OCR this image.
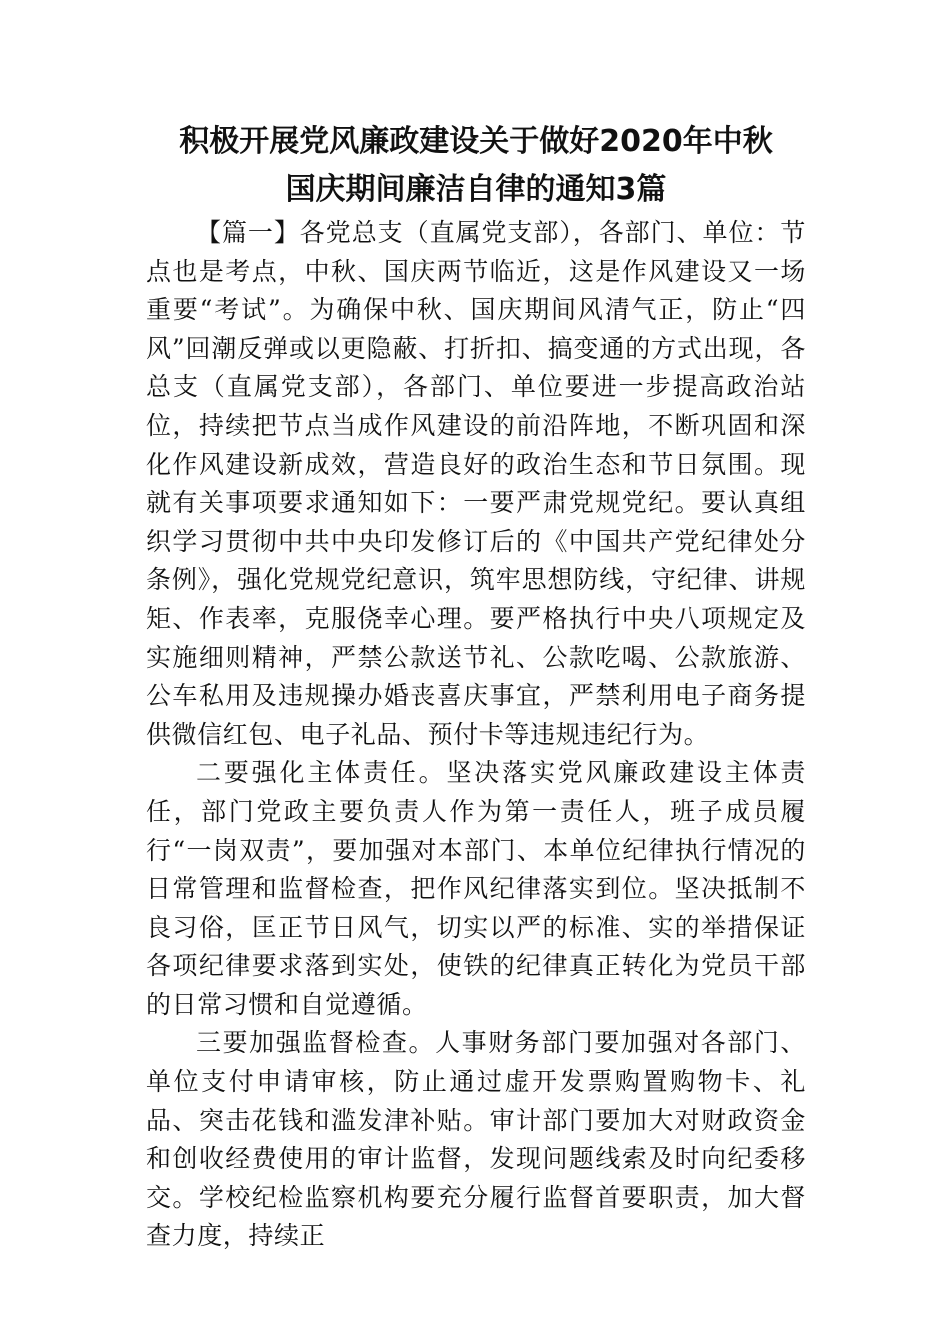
积极开展党风廉政建设关于做好2020年中秋
国庆期间廉洁自律的通知3篇

【篇一】各党总支（直属党支部），各部门、单位：节点也是考点，中秋、国庆两节临近，这是作风建设又一场重要“考试”。为确保中秋、国庆期间风清气正，防止“四风”回潮反弹或以更隐蔽、打折扣、搞变通的方式出现，各总支（直属党支部），各部门、单位要进一步提高政治站位，持续把节点当成作风建设的前沿阵地，不断巩固和深化作风建设新成效，营造良好的政治生态和节日氛围。现就有关事项要求通知如下：一要严肃党规党纪。要认真组织学习贯彻中共中央印发修订后的《中国共产党纪律处分条例》，强化党规党纪意识，筑牢思想防线，守纪律、讲规矩、作表率，克服侥幸心理。要严格执行中央八项规定及实施细则精神，严禁公款送节礼、公款吃喝、公款旅游、公车私用及违规操办婚丧喜庆事宜，严禁利用电子商务提供微信红包、电子礼品、预付卡等违规违纪行为。

二要强化主体责任。坚决落实党风廉政建设主体责任，部门党政主要负责人作为第一责任人，班子成员履行“一岗双责”，要加强对本部门、本单位纪律执行情况的日常管理和监督检查，把作风纪律落实到位。坚决抵制不良习俗，匡正节日风气，切实以严的标准、实的举措保证各项纪律要求落到实处，使铁的纪律真正转化为党员干部的日常习惯和自觉遵循。

三要加强监督检查。人事财务部门要加强对各部门、单位支付申请审核，防止通过虚开发票购置购物卡、礼品、突击花钱和滥发津补贴。审计部门要加大对财政资金和创收经费使用的审计监督，发现问题线索及时向纪委移交。学校纪检监察机构要充分履行监督首要职责，加大督查力度，持续正
